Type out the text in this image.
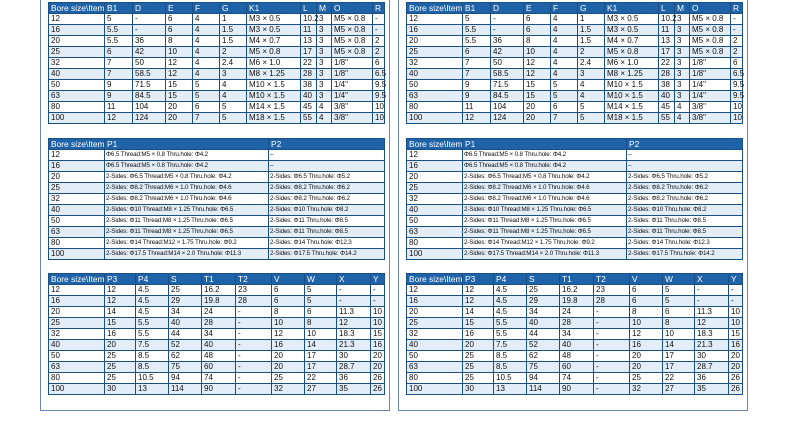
Bore size\Item	B1	D	E	F	G	K1	L	M	O	R
12	5	-	6	4	1	M3 × 0.5	10.2	3	M5 × 0.8	-
16	5.5	-	6	4	1.5	M3 × 0.5	11	3	M5 × 0.8	-
20	5.5	36	8	4	1.5	M4 × 0.7	13	3	M5 × 0.8	2
25	6	42	10	4	2	M5 × 0.8	17	3	M5 × 0.8	2
32	7	50	12	4	2.4	M6 × 1.0	22	3	1/8"	6
40	7	58.5	12	4	3	M8 × 1.25	28	3	1/8"	6.5
50	9	71.5	15	5	4	M10 × 1.5	38	3	1/4"	9.5
63	9	84.5	15	5	4	M10 × 1.5	40	3	1/4"	9.5
80	11	104	20	6	5	M14 × 1.5	45	4	3/8"	10
100	12	124	20	7	5	M18 × 1.5	55	4	3/8"	10
Bore size\Item	P1	P2
12	Φ6.5 Thread:M5 × 0.8 Thru.hole: Φ4.2	–
16	Φ6.5 Thread:M5 × 0.8 Thru.hole: Φ4.2	–
20	2-Sides: Φ6.5 Thread:M5 × 0.8 Thru.hole: Φ4.2	2-Sides: Φ6.5 Thru.hole: Φ5.2
25	2-Sides: Φ8.2 Thread:M6 × 1.0 Thru.hole: Φ4.6	2-Sides: Φ8.2 Thru.hole: Φ6.2
32	2-Sides: Φ8.2 Thread:M6 × 1.0 Thru.hole: Φ4.6	2-Sides: Φ8.2 Thru.hole: Φ6.2
40	2-Sides: Φ10 Thread:M8 × 1.25 Thru.hole: Φ6.5	2-Sides: Φ10 Thru.hole: Φ8.2
50	2-Sides: Φ11 Thread:M8 × 1.25 Thru.hole: Φ6.5	2-Sides: Φ11 Thru.hole: Φ8.5
63	2-Sides: Φ11 Thread:M8 × 1.25 Thru.hole: Φ6.5	2-Sides: Φ11 Thru.hole: Φ8.5
80	2-Sides: Φ14 Thread:M12 × 1.75 Thru.hole: Φ9.2	2-Sides: Φ14 Thru.hole: Φ12.3
100	2-Sides: Φ17.5 Thread:M14 × 2.0 Thru.hole: Φ11.3	2-Sides: Φ17.5 Thru.hole: Φ14.2
Bore size\Item	P3	P4	S	T1	T2	V	W	X	Y
12	12	4.5	25	16.2	23	6	5	-	-
16	12	4.5	29	19.8	28	6	5	-	-
20	14	4.5	34	24	-	8	6	11.3	10
25	15	5.5	40	28	-	10	8	12	10
32	16	5.5	44	34	-	12	10	18.3	15
40	20	7.5	52	40	-	16	14	21.3	16
50	25	8.5	62	48	-	20	17	30	20
63	25	8.5	75	60	-	20	17	28.7	20
80	25	10.5	94	74	-	25	22	36	26
100	30	13	114	90	-	32	27	35	26
Bore size\Item	B1	D	E	F	G	K1	L	M	O	R
12	5	-	6	4	1	M3 × 0.5	10.2	3	M5 × 0.8	-
16	5.5	-	6	4	1.5	M3 × 0.5	11	3	M5 × 0.8	-
20	5.5	36	8	4	1.5	M4 × 0.7	13	3	M5 × 0.8	2
25	6	42	10	4	2	M5 × 0.8	17	3	M5 × 0.8	2
32	7	50	12	4	2.4	M6 × 1.0	22	3	1/8"	6
40	7	58.5	12	4	3	M8 × 1.25	28	3	1/8"	6.5
50	9	71.5	15	5	4	M10 × 1.5	38	3	1/4"	9.5
63	9	84.5	15	5	4	M10 × 1.5	40	3	1/4"	9.5
80	11	104	20	6	5	M14 × 1.5	45	4	3/8"	10
100	12	124	20	7	5	M18 × 1.5	55	4	3/8"	10
Bore size\Item	P1	P2
12	Φ6.5 Thread:M5 × 0.8 Thru.hole: Φ4.2	–
16	Φ6.5 Thread:M5 × 0.8 Thru.hole: Φ4.2	–
20	2-Sides: Φ6.5 Thread:M5 × 0.8 Thru.hole: Φ4.2	2-Sides: Φ6.5 Thru.hole: Φ5.2
25	2-Sides: Φ8.2 Thread:M6 × 1.0 Thru.hole: Φ4.6	2-Sides: Φ8.2 Thru.hole: Φ6.2
32	2-Sides: Φ8.2 Thread:M6 × 1.0 Thru.hole: Φ4.6	2-Sides: Φ8.2 Thru.hole: Φ6.2
40	2-Sides: Φ10 Thread:M8 × 1.25 Thru.hole: Φ6.5	2-Sides: Φ10 Thru.hole: Φ8.2
50	2-Sides: Φ11 Thread:M8 × 1.25 Thru.hole: Φ6.5	2-Sides: Φ11 Thru.hole: Φ8.5
63	2-Sides: Φ11 Thread:M8 × 1.25 Thru.hole: Φ6.5	2-Sides: Φ11 Thru.hole: Φ8.5
80	2-Sides: Φ14 Thread:M12 × 1.75 Thru.hole: Φ9.2	2-Sides: Φ14 Thru.hole: Φ12.3
100	2-Sides: Φ17.5 Thread:M14 × 2.0 Thru.hole: Φ11.3	2-Sides: Φ17.5 Thru.hole: Φ14.2
Bore size\Item	P3	P4	S	T1	T2	V	W	X	Y
12	12	4.5	25	16.2	23	6	5	-	-
16	12	4.5	29	19.8	28	6	5	-	-
20	14	4.5	34	24	-	8	6	11.3	10
25	15	5.5	40	28	-	10	8	12	10
32	16	5.5	44	34	-	12	10	18.3	15
40	20	7.5	52	40	-	16	14	21.3	16
50	25	8.5	62	48	-	20	17	30	20
63	25	8.5	75	60	-	20	17	28.7	20
80	25	10.5	94	74	-	25	22	36	26
100	30	13	114	90	-	32	27	35	26
